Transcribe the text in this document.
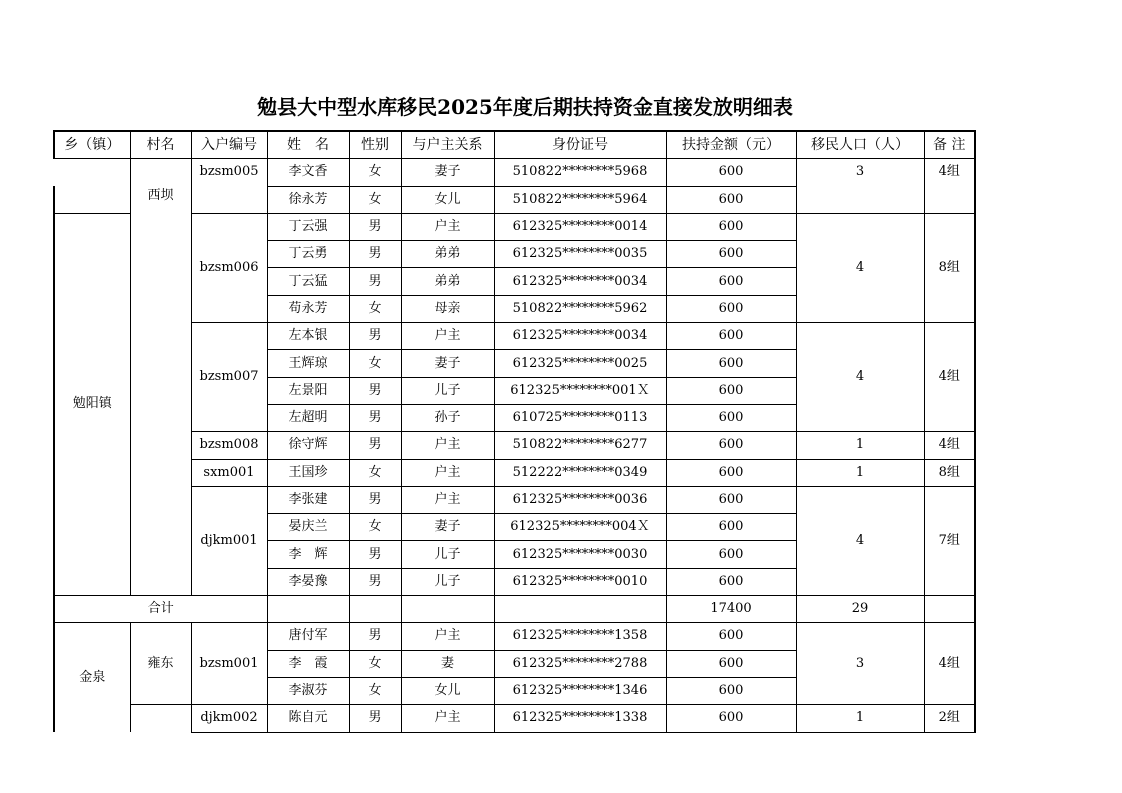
勉县大中型水库移民2025年度后期扶持资金直接发放明细表
乡（镇）	村名	入户编号	姓　名	性别	与户主关系	身份证号	扶持金额（元）	移民人口（人）	备 注
	西坝	bzsm005	李文香	女	妻子	510822********5968	600	3	4组
			徐永芳	女	女儿	510822********5964	600		
勉阳镇		bzsm006	丁云强	男	户主	612325********0014	600	4	8组
			丁云勇	男	弟弟	612325********0035	600		
			丁云猛	男	弟弟	612325********0034	600		
			苟永芳	女	母亲	510822********5962	600		
		bzsm007	左本银	男	户主	612325********0034	600	4	4组
			王辉琼	女	妻子	612325********0025	600		
			左景阳	男	儿子	612325********001Ｘ	600		
			左超明	男	孙子	610725********0113	600		
		bzsm008	徐守辉	男	户主	510822********6277	600	1	4组
		sxm001	王国珍	女	户主	512222********0349	600	1	8组
		djkm001	李张建	男	户主	612325********0036	600	4	7组
			晏庆兰	女	妻子	612325********004Ｘ	600		
			李　辉	男	儿子	612325********0030	600		
			李晏豫	男	儿子	612325********0010	600		
合计							17400	29	
金泉	雍东	bzsm001	唐付军	男	户主	612325********1358	600	3	4组
			李　霞	女	妻	612325********2788	600		
			李淑芬	女	女儿	612325********1346	600		
		djkm002	陈自元	男	户主	612325********1338	600	1	2组
